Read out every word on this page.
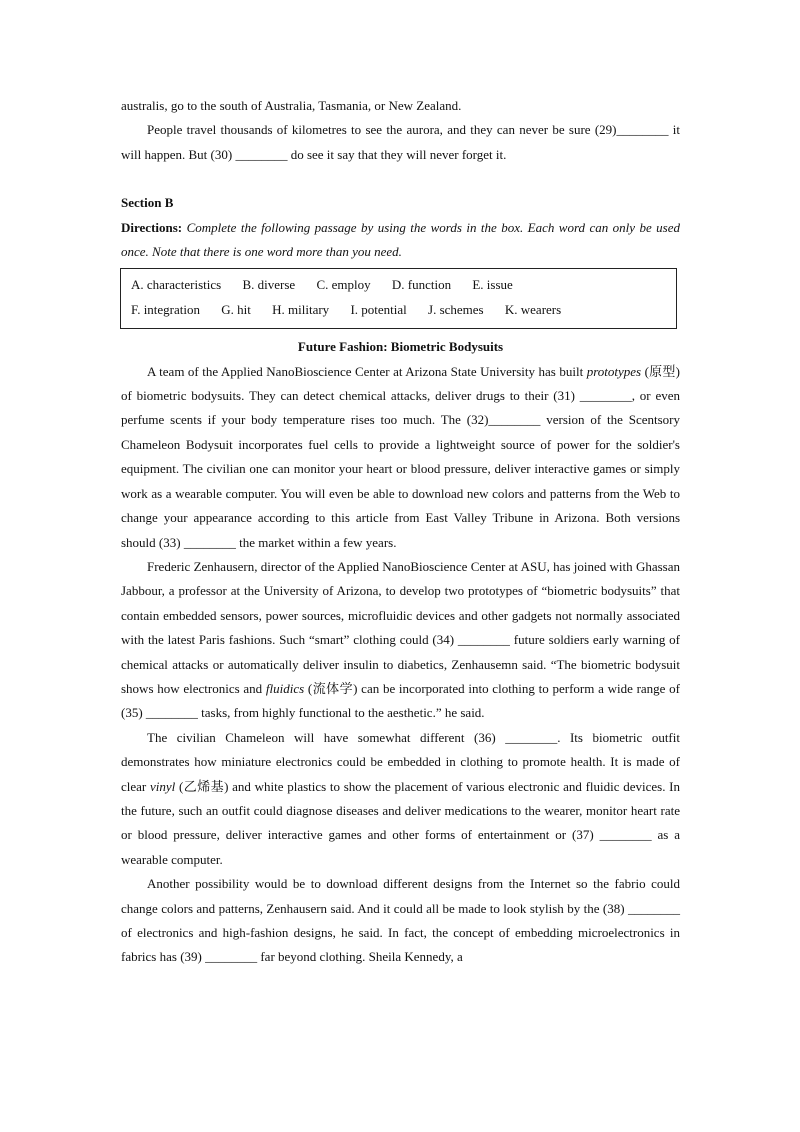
australis, go to the south of Australia, Tasmania, or New Zealand.

People travel thousands of kilometres to see the aurora, and they can never be sure (29)________ it will happen. But (30) ________ do see it say that they will never forget it.

Section B

Directions: Complete the following passage by using the words in the box. Each word can only be used once. Note that there is one word more than you need.

A. characteristics B. diverse C. employ D. function E. issue
F. integration G. hit H. military I. potential J. schemes K. wearers
Future Fashion: Biometric Bodysuits

A team of the Applied NanoBioscience Center at Arizona State University has built prototypes (原型) of biometric bodysuits. They can detect chemical attacks, deliver drugs to their (31) ________, or even perfume scents if your body temperature rises too much. The (32)________ version of the Scentsory Chameleon Bodysuit incorporates fuel cells to provide a lightweight source of power for the soldier's equipment. The civilian one can monitor your heart or blood pressure, deliver interactive games or simply work as a wearable computer. You will even be able to download new colors and patterns from the Web to change your appearance according to this article from East Valley Tribune in Arizona. Both versions should (33) ________ the market within a few years.

Frederic Zenhausern, director of the Applied NanoBioscience Center at ASU, has joined with Ghassan Jabbour, a professor at the University of Arizona, to develop two prototypes of “biometric bodysuits” that contain embedded sensors, power sources, microfluidic devices and other gadgets not normally associated with the latest Paris fashions. Such “smart” clothing could (34) ________ future soldiers early warning of chemical attacks or automatically deliver insulin to diabetics, Zenhausemn said. “The biometric bodysuit shows how electronics and fluidics (流体学) can be incorporated into clothing to perform a wide range of (35) ________ tasks, from highly functional to the aesthetic.” he said.

The civilian Chameleon will have somewhat different (36) ________. Its biometric outfit demonstrates how miniature electronics could be embedded in clothing to promote health. It is made of clear vinyl (乙烯基) and white plastics to show the placement of various electronic and fluidic devices. In the future, such an outfit could diagnose diseases and deliver medications to the wearer, monitor heart rate or blood pressure, deliver interactive games and other forms of entertainment or (37) ________ as a wearable computer.

Another possibility would be to download different designs from the Internet so the fabrio could change colors and patterns, Zenhausern said. And it could all be made to look stylish by the (38) ________ of electronics and high-fashion designs, he said. In fact, the concept of embedding microelectronics in fabrics has (39) ________ far beyond clothing. Sheila Kennedy, a
